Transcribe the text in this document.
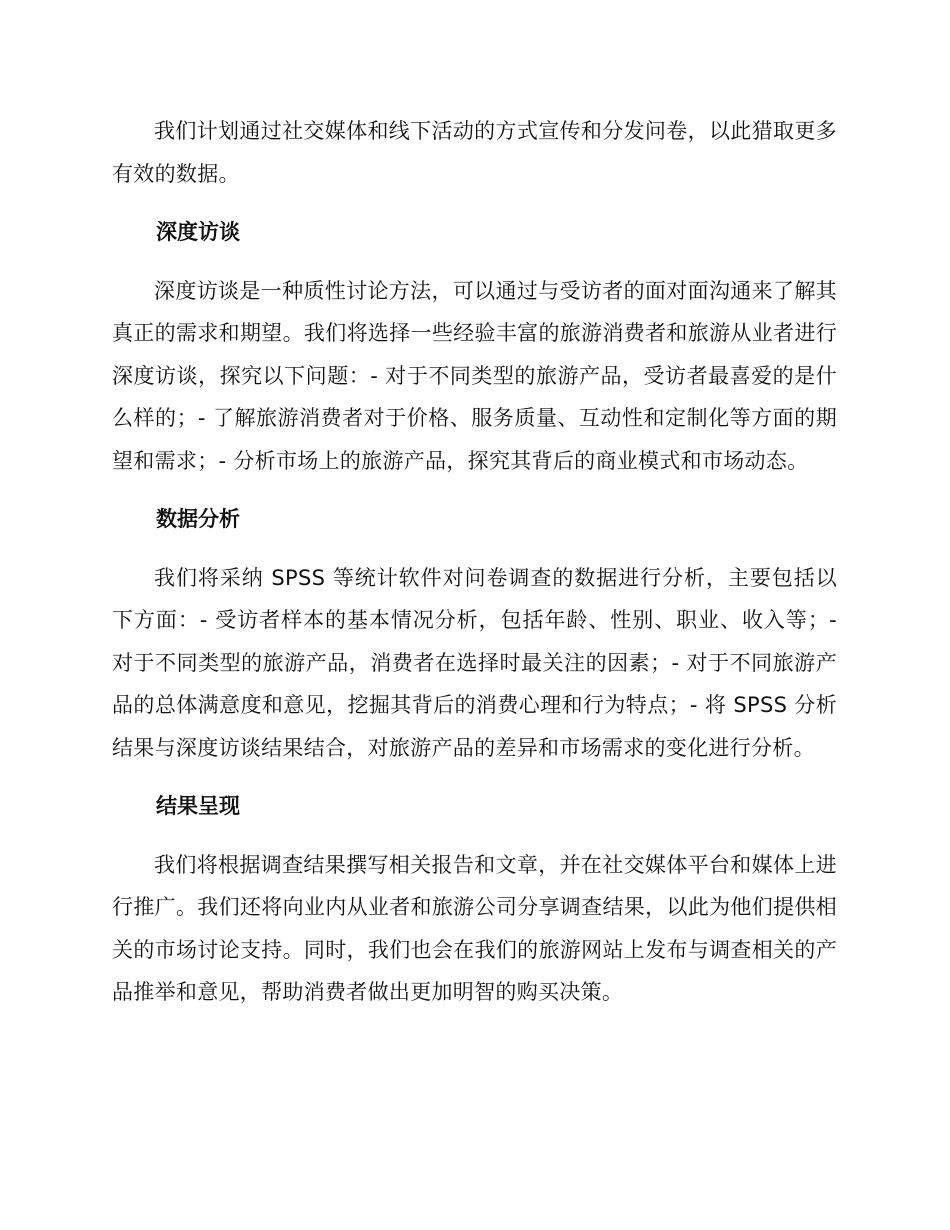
我们计划通过社交媒体和线下活动的方式宣传和分发问卷，以此猎取更多有效的数据。

深度访谈

深度访谈是一种质性讨论方法，可以通过与受访者的面对面沟通来了解其真正的需求和期望。我们将选择一些经验丰富的旅游消费者和旅游从业者进行深度访谈，探究以下问题：- 对于不同类型的旅游产品，受访者最喜爱的是什么样的；- 了解旅游消费者对于价格、服务质量、互动性和定制化等方面的期望和需求；- 分析市场上的旅游产品，探究其背后的商业模式和市场动态。

数据分析

我们将采纳 SPSS 等统计软件对问卷调查的数据进行分析，主要包括以下方面：- 受访者样本的基本情况分析，包括年龄、性别、职业、收入等；- 对于不同类型的旅游产品，消费者在选择时最关注的因素；- 对于不同旅游产品的总体满意度和意见，挖掘其背后的消费心理和行为特点；- 将 SPSS 分析结果与深度访谈结果结合，对旅游产品的差异和市场需求的变化进行分析。

结果呈现

我们将根据调查结果撰写相关报告和文章，并在社交媒体平台和媒体上进行推广。我们还将向业内从业者和旅游公司分享调查结果，以此为他们提供相关的市场讨论支持。同时，我们也会在我们的旅游网站上发布与调查相关的产品推举和意见，帮助消费者做出更加明智的购买决策。
